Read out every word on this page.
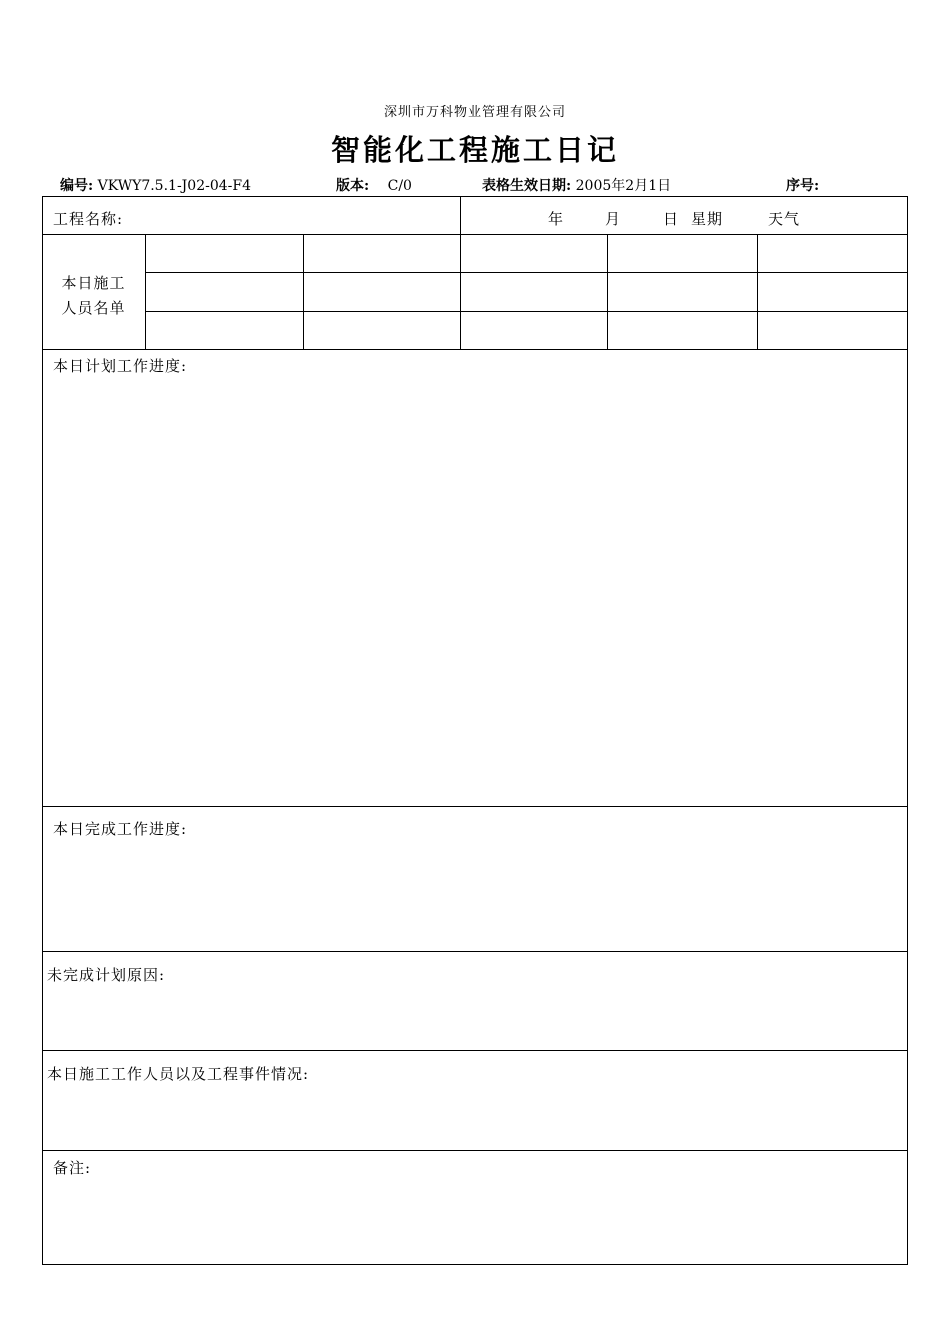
深圳市万科物业管理有限公司
智能化工程施工日记
编号: VKWY7.5.1-J02-04-F4	版本: C/0	表格生效日期: 2005年2月1日	序号:
工程名称:	年	月	日 星期	天气
本日施工
人员名单
本日计划工作进度:
本日完成工作进度:
未完成计划原因:
本日施工工作人员以及工程事件情况:
备注:
